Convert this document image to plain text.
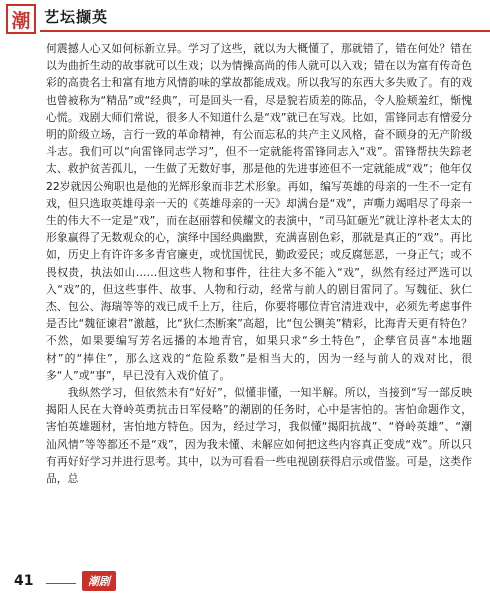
潮 艺坛撷英

何震撼人心又如何标新立异。学习了这些，就以为大概懂了，那就错了，错在何处？错在以为曲折生动的故事就可以生戏；以为情操高尚的伟人就可以入戏；错在以为富有传奇色彩的高贵名士和富有地方风情韵味的掌故都能成戏。所以我写的东西大多失败了。有的戏也曾被称为“精品”或“经典”，可是回头一看，尽是貌若质差的陈品，令人脸颊羞红，惭愧心慌。戏剧大师们常说，很多人不知道什么是“戏”就已在写戏。比如，雷锋同志有憎爱分明的阶级立场，言行一致的革命精神，有公而忘私的共产主义风格，奋不顾身的无产阶级斗志。我们可以“向雷锋同志学习”，但不一定就能将雷锋同志入“戏”。雷锋帮扶失踪老太、救护贫苦孤儿，一生做了无数好事，那是他的先进事迹但不一定就能成“戏”；他年仅22岁就因公殉职也是他的光辉形象而非艺术形象。再如，编写英雄的母亲的一生不一定有戏，但只选取英雄母亲一天的《英雄母亲的一天》却满台是“戏”，声嘶力竭唱尽了母亲一生的伟大不一定是“戏”，而在赵丽蓉和侯耀文的表演中，“司马缸砸光”就让淳朴老太太的形象赢得了无数观众的心，演绎中国经典幽默，充满喜剧色彩，那就是真正的“戏”。再比如，历史上有许许多多青官廉吏，或忧国忧民，勤政爱民；或反腐惩恶，一身正气；或不畏权贵，执法如山……但这些人物和事件，往往大多不能入“戏”，纵然有经过严选可以入“戏”的，但这些事件、故事、人物和行动，经常与前人的剧目雷同了。写魏征、狄仁杰、包公、海瑞等等的戏已成千上万，往后，你要将哪位青官清进戏中，必须先考虑事件是否比“魏征谏君”激越，比“狄仁杰断案”高超，比“包公铡美”精彩，比海青天更有特色？不然，如果要编写芳名远播的本地青官，如果只求“乡土特色”，企孳官员喜“本地题材”的“捧住”，那么这戏的“危险系数”是相当大的，因为一经与前人的戏对比，很多“人”或“事”，早已没有入戏价值了。

我纵然学习，但依然未有“好好”，似懂非懂，一知半解。所以，当接到“写一部反映揭阳人民在大脊岭英勇抗击日军侵略”的潮剧的任务时，心中是害怕的。害怕命题作文，害怕英雄题材，害怕地方特色。因为，经过学习，我似懂“揭阳抗战”、“脊岭英雄”、“潮汕风情”等等都还不是“戏”，因为我未懂、未解应如何把这些内容真正变成“戏”。所以只有再好好学习并进行思考。其中，以为可看看一些电视剧获得启示或借鉴。可是，这类作品，总

41	潮剧
